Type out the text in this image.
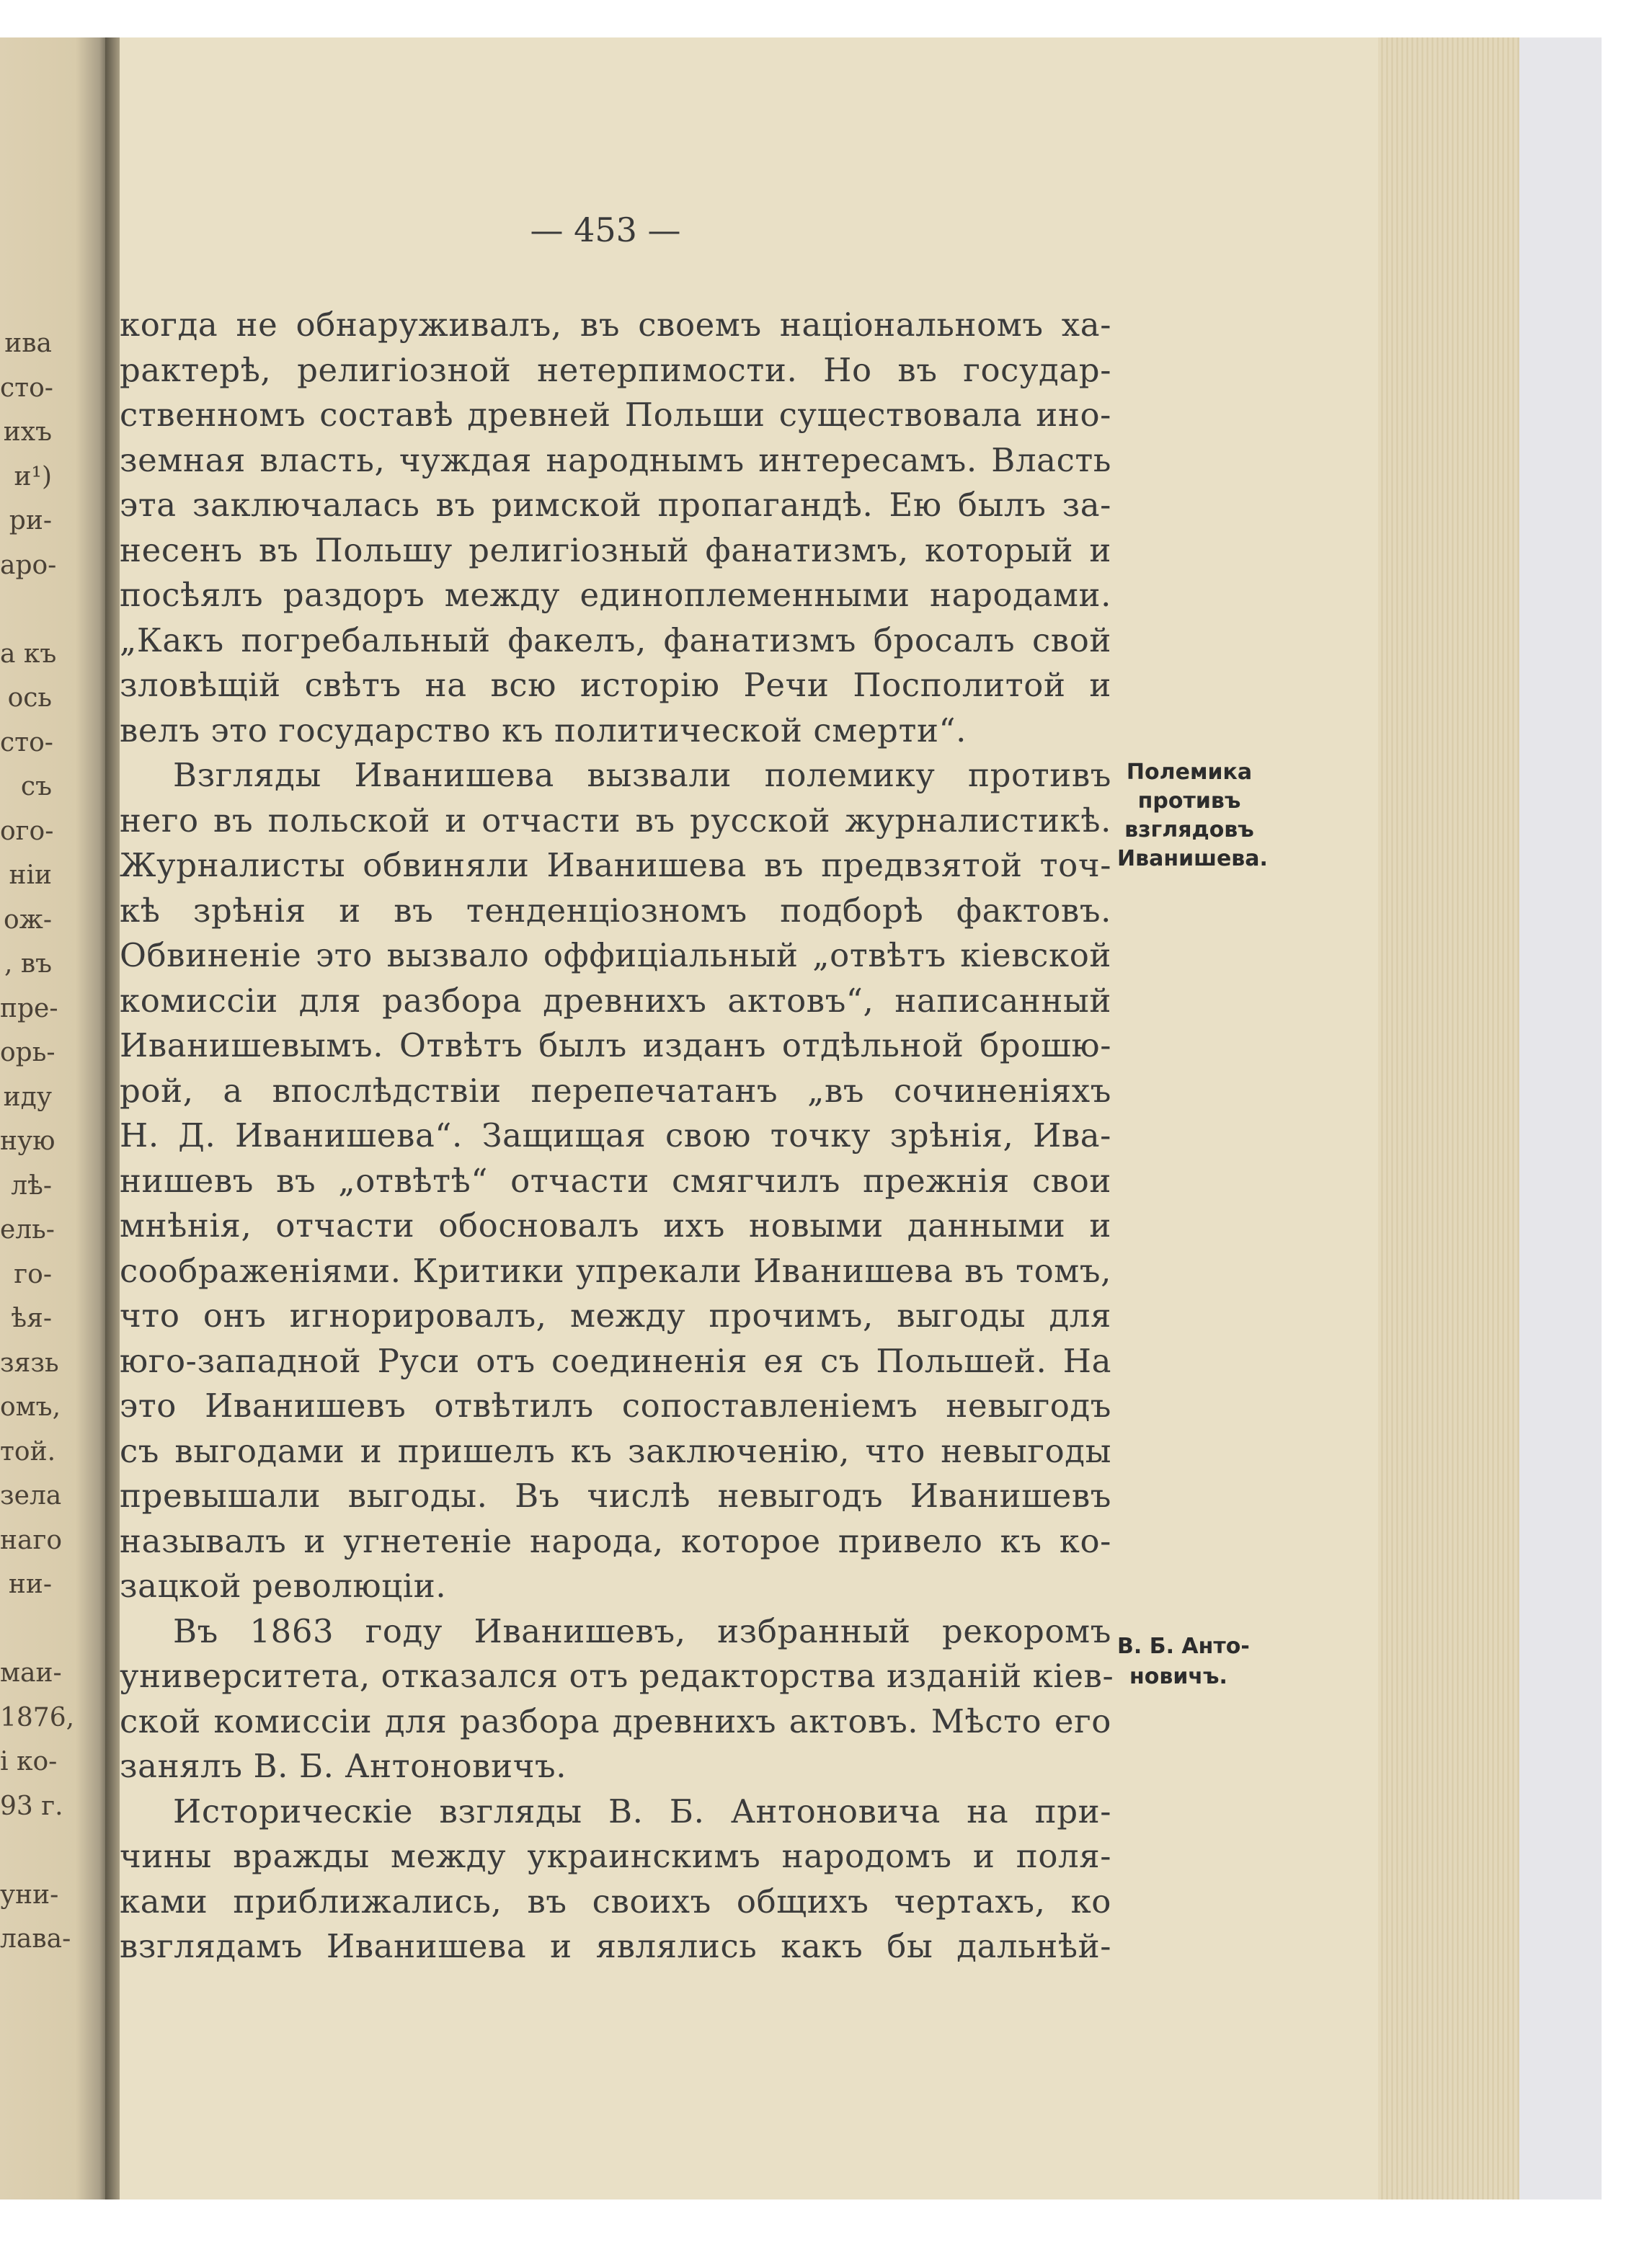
ива
сто-
ихъ
и¹)
ри-
аро-
а къ
ось
сто-
съ
ого-
ніи
ож-
, въ
пре-
орь-
иду
ную
лѣ-
ель-
го-
ѣя-
зязь
омъ,
той.
зела
наго
ни-
маи-
1876,
і ко-
93 г.
уни-
лава-
— 453 —
когда не обнаруживалъ, въ своемъ національномъ ха-
рактерѣ, религіозной нетерпимости. Но въ государ-
ственномъ составѣ древней Польши существовала ино-
земная власть, чуждая народнымъ интересамъ. Власть
эта заключалась въ римской пропагандѣ. Ею былъ за-
несенъ въ Польшу религіозный фанатизмъ, который и
посѣялъ раздоръ между единоплеменными народами.
„Какъ погребальный факелъ, фанатизмъ бросалъ свой
зловѣщій свѣтъ на всю исторію Речи Посполитой и
велъ это государство къ политической смерти“.
Взгляды Иванишева вызвали полемику противъ
него въ польской и отчасти въ русской журналистикѣ.
Журналисты обвиняли Иванишева въ предвзятой точ-
кѣ зрѣнія и въ тенденціозномъ подборѣ фактовъ.
Обвиненіе это вызвало оффиціальный „отвѣтъ кіевской
комиссіи для разбора древнихъ актовъ“, написанный
Иванишевымъ. Отвѣтъ былъ изданъ отдѣльной брошю-
рой, а впослѣдствіи перепечатанъ „въ сочиненіяхъ
Н. Д. Иванишева“. Защищая свою точку зрѣнія, Ива-
нишевъ въ „отвѣтѣ“ отчасти смягчилъ прежнія свои
мнѣнія, отчасти обосновалъ ихъ новыми данными и
соображеніями. Критики упрекали Иванишева въ томъ,
что онъ игнорировалъ, между прочимъ, выгоды для
юго-западной Руси отъ соединенія ея съ Польшей. На
это Иванишевъ отвѣтилъ сопоставленіемъ невыгодъ
съ выгодами и пришелъ къ заключенію, что невыгоды
превышали выгоды. Въ числѣ невыгодъ Иванишевъ
называлъ и угнетеніе народа, которое привело къ ко-
зацкой революціи.
Въ 1863 году Иванишевъ, избранный рекоромъ
университета, отказался отъ редакторства изданій кіев-
ской комиссіи для разбора древнихъ актовъ. Мѣсто его
занялъ В. Б. Антоновичъ.
Историческіе взгляды В. Б. Антоновича на при-
чины вражды между украинскимъ народомъ и поля-
ками приближались, въ своихъ общихъ чертахъ, ко
взглядамъ Иванишева и являлись какъ бы дальнѣй-
Полемика
противъ
взглядовъ
Иванишева.
В. Б. Анто-
новичъ.
